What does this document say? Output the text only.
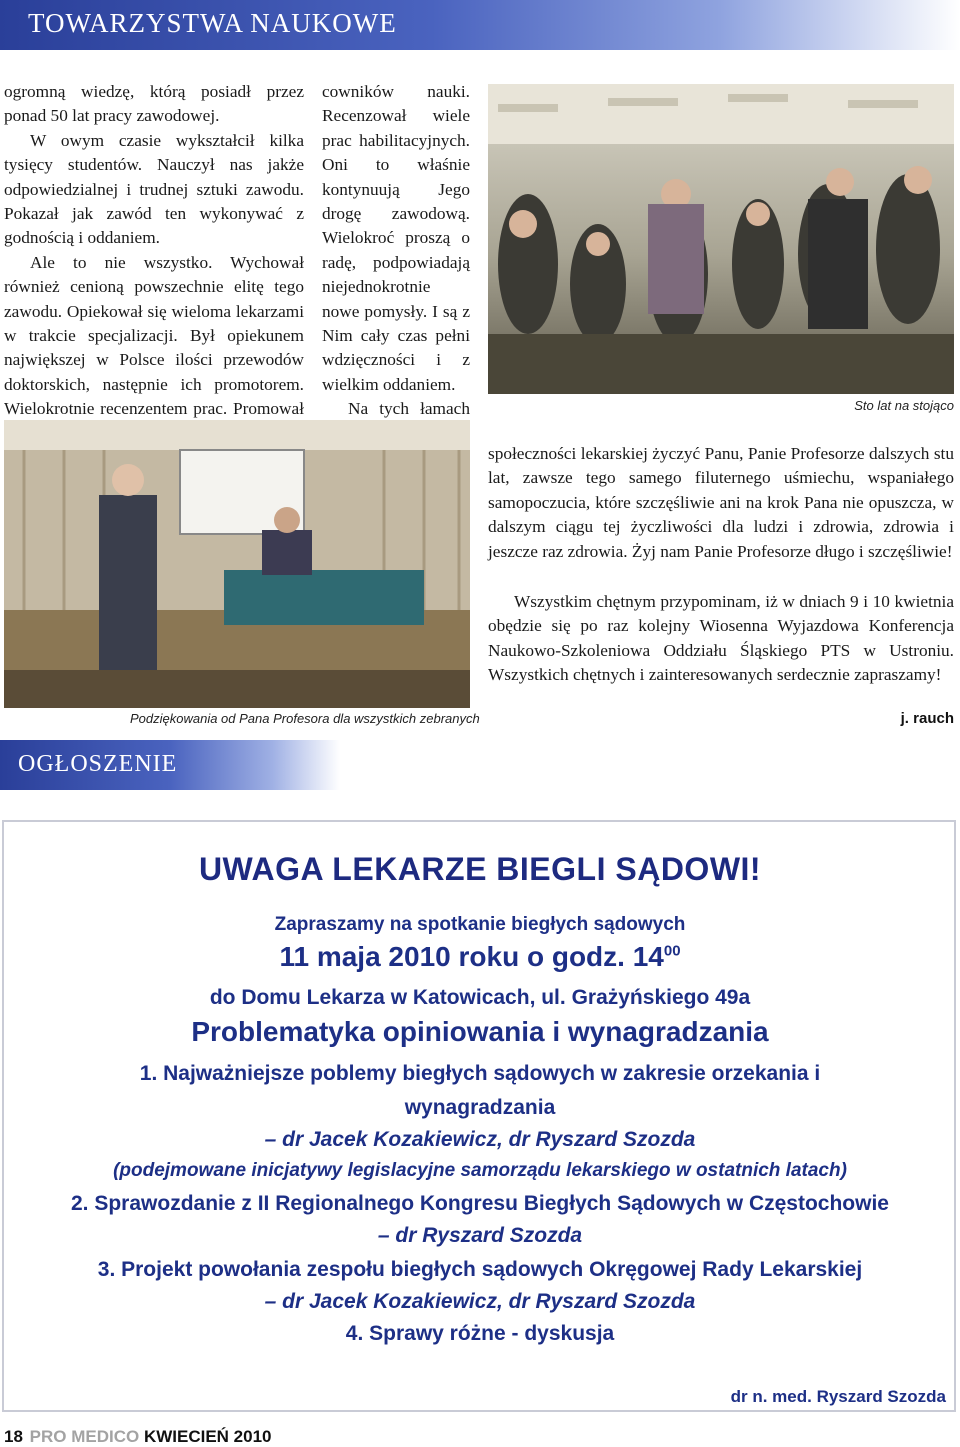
TOWARZYSTWA NAUKOWE

ogromną wiedzę, którą posiadł przez ponad 50 lat pracy zawodowej.

W owym czasie wykształcił kilka tysięcy studentów. Nauczył nas jakże odpowiedzialnej i trudnej sztuki zawodu. Pokazał jak zawód ten wykonywać z godnością i oddaniem.

Ale to nie wszystko. Wychował również cenioną powszechnie elitę tego zawodu. Opiekował się wieloma lekarzami w trakcie specjalizacji. Był opiekunem największej w Polsce ilości przewodów doktorskich, następnie ich promotorem. Wielokrotnie recenzentem prac. Promował

cowników nauki. Recenzował wiele prac habilitacyjnych. Oni to właśnie kontynuują Jego drogę zawodową. Wielokroć proszą o radę, podpowiadają niejednokrotnie nowe pomysły. I są z Nim cały czas pełni wdzięczności i z wielkim oddaniem.

Na tych łamach	Sto lat na stojąco
Podziękowania od Pana Profesora dla wszystkich zebranych

społeczności lekarskiej życzyć Panu, Panie Profesorze dalszych stu lat, zawsze tego samego filuternego uśmiechu, wspaniałego samopoczucia, które szczęśliwie ani na krok Pana nie opuszcza, w dalszym ciągu tej życzliwości dla ludzi i zdrowia, zdrowia i jeszcze raz zdrowia. Żyj nam Panie Profesorze długo i szczęśliwie!

Wszystkim chętnym przypominam, iż w dniach 9 i 10 kwietnia obędzie się po raz kolejny Wiosenna Wyjazdowa Konferencja Naukowo-Szkoleniowa Oddziału Śląskiego PTS w Ustroniu. Wszystkich chętnych i zainteresowanych serdecznie zapraszamy!

j. rauch
OGŁOSZENIE
UWAGA LEKARZE BIEGLI SĄDOWI!
Zapraszamy na spotkanie biegłych sądowych
11 maja 2010 roku o godz. $14^{00}$
do Domu Lekarza w Katowicach, ul. Grażyńskiego 49a
Problematyka opiniowania i wynagradzania
1. Najważniejsze poblemy biegłych sądowych w zakresie orzekania i
wynagradzania
– dr Jacek Kozakiewicz, dr Ryszard Szozda
(podejmowane inicjatywy legislacyjne samorządu lekarskiego w ostatnich latach)
2. Sprawozdanie z II Regionalnego Kongresu Biegłych Sądowych w Częstochowie
– dr Ryszard Szozda
3. Projekt powołania zespołu biegłych sądowych Okręgowej Rady Lekarskiej
– dr Jacek Kozakiewicz, dr Ryszard Szozda
4. Sprawy różne - dyskusja
dr n. med. Ryszard Szozda
18 PRO MEDICO KWIECIEŃ 2010
